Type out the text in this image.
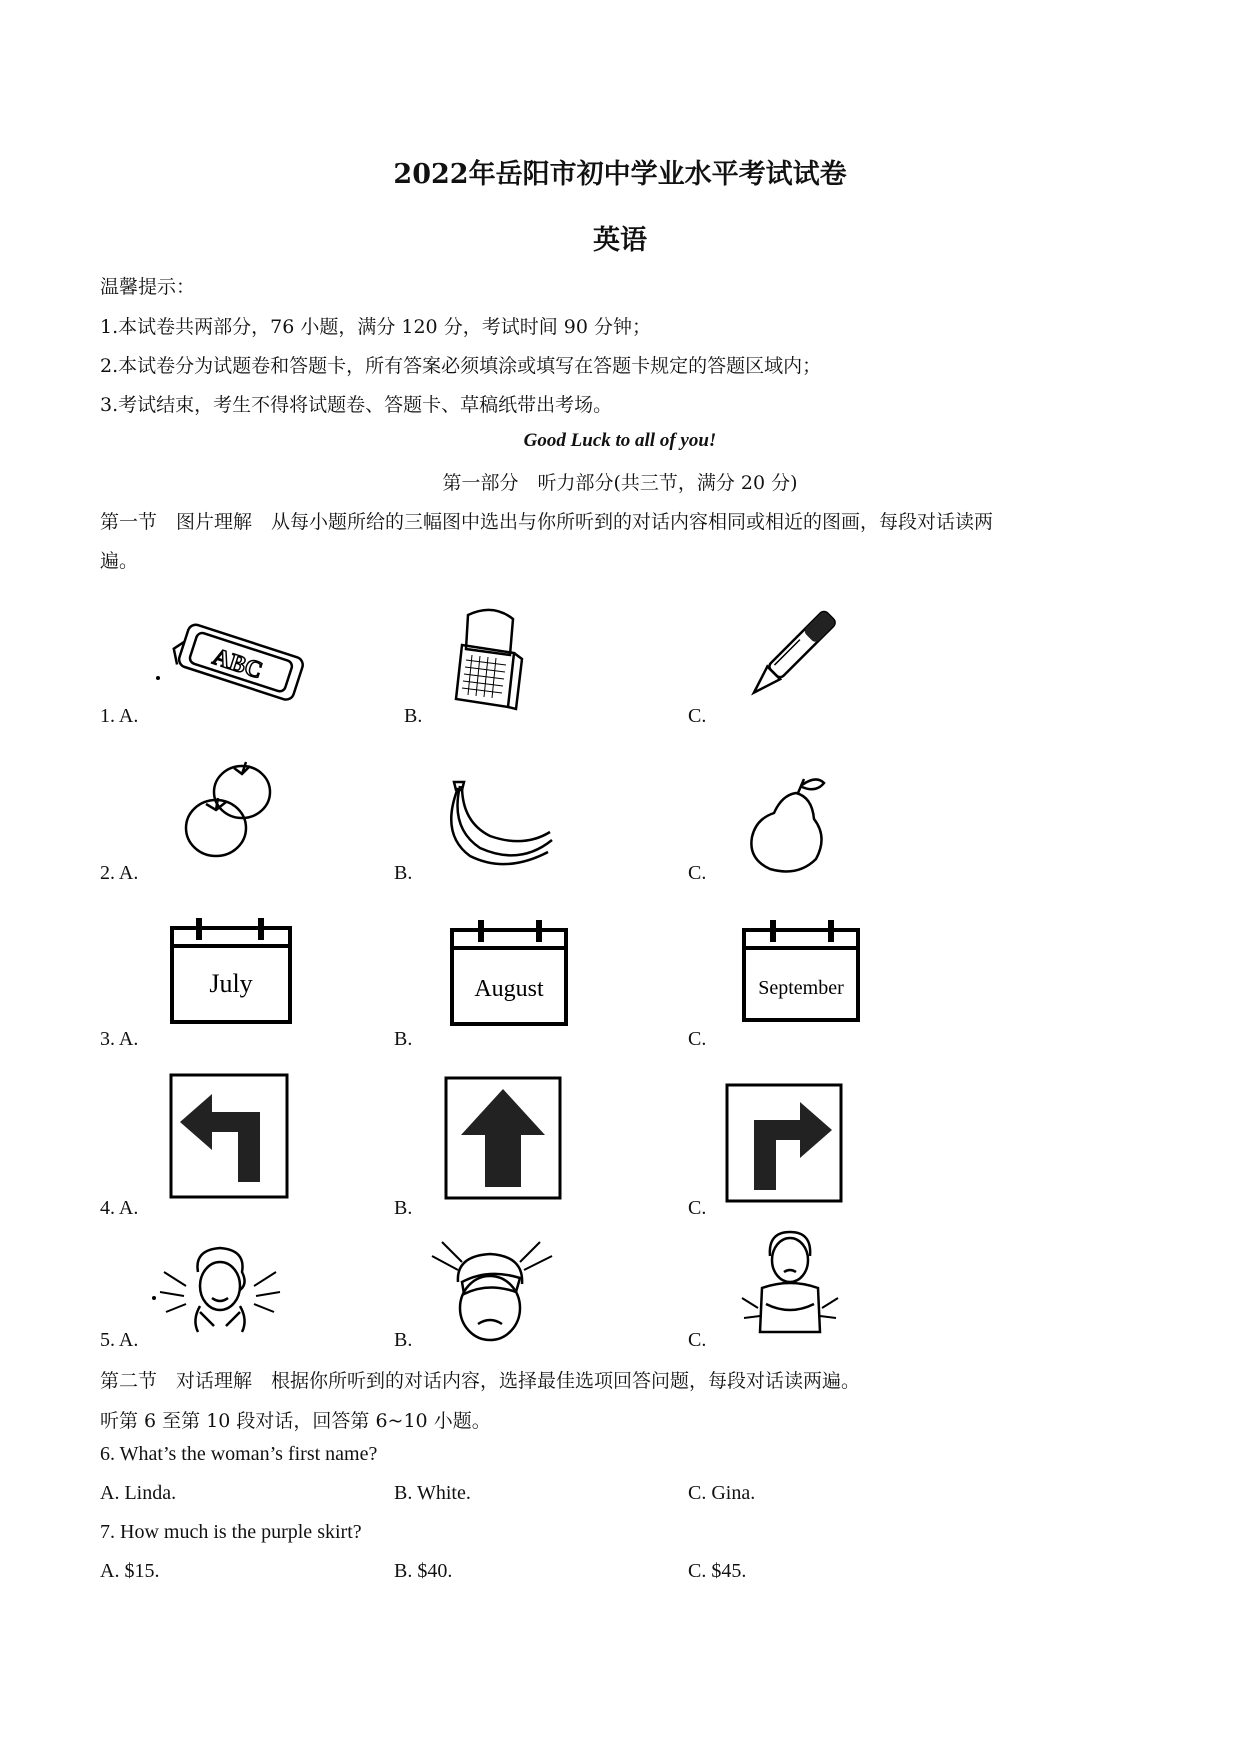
2022年岳阳市初中学业水平考试试卷
英语
温馨提示：
1.本试卷共两部分，76 小题，满分 120 分，考试时间 90 分钟；
2.本试卷分为试题卷和答题卡，所有答案必须填涂或填写在答题卡规定的答题区域内；
3.考试结束，考生不得将试题卷、答题卡、草稿纸带出考场。
Good Luck to all of you!
第一部分　听力部分(共三节，满分 20 分)
第一节　图片理解　从每小题所给的三幅图中选出与你所听到的对话内容相同或相近的图画，每段对话读两
遍。
1. A.	B.	C.
ABC
2. A.	B.	C.
3. A.	B.	C.
July	August	September
4. A.	B.	C.
5. A.	B.	C.
第二节　对话理解　根据你所听到的对话内容，选择最佳选项回答问题，每段对话读两遍。
听第 6 至第 10 段对话，回答第 6~10 小题。
6. What’s the woman’s first name?
A. Linda.	B. White.	C. Gina.
7. How much is the purple skirt?
A. $15.	B. $40.	C. $45.
